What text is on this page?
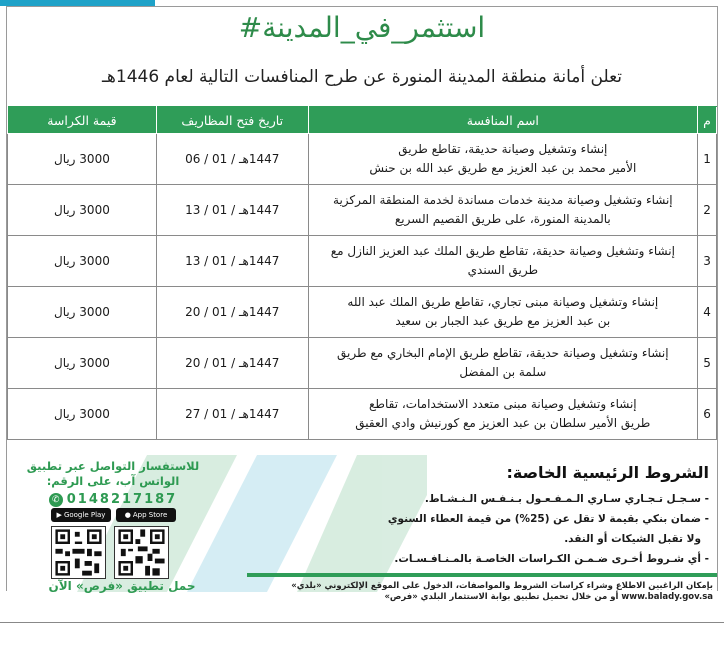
#استثمر_في_المدينة
تعلن أمانة منطقة المدينة المنورة عن طرح المنافسات التالية لعام 1446هـ
م	اسم المنافسة	تاريخ فتح المظاريف	قيمة الكراسة
1	إنشاء وتشغيل وصيانة حديقة، تقاطع طريق
الأمير محمد بن عبد العزيز مع طريق عبد الله بن حنش	1447هـ / 01 / 06	3000 ريال
2	إنشاء وتشغيل وصيانة مدينة خدمات مساندة لخدمة المنطقة المركزية
بالمدينة المنورة، على طريق القصيم السريع	1447هـ / 01 / 13	3000 ريال
3	إنشاء وتشغيل وصيانة حديقة، تقاطع طريق الملك عبد العزيز النازل مع
طريق السندي	1447هـ / 01 / 13	3000 ريال
4	إنشاء وتشغيل وصيانة مبنى تجاري، تقاطع طريق الملك عبد الله
بن عبد العزيز مع طريق عبد الجبار بن سعيد	1447هـ / 01 / 20	3000 ريال
5	إنشاء وتشغيل وصيانة حديقة، تقاطع طريق الإمام البخاري مع طريق
سلمة بن المفضل	1447هـ / 01 / 20	3000 ريال
6	إنشاء وتشغيل وصيانة مبنى متعدد الاستخدامات، تقاطع
طريق الأمير سلطان بن عبد العزيز مع كورنيش وادي العقيق	1447هـ / 01 / 27	3000 ريال
الشروط الرئيسية الخاصة:
- سـجـل تـجـاري سـاري الـمـفـعـول بـنـفـس الـنـشـاط.
- ضمان بنكي بقيمة لا تقل عن (25%) من قيمة العطاء السنوي
ولا تقبل الشيكات أو النقد.
- أي شـروط أخـرى ضـمـن الكـراسات الخاصـة بالمـنـافـسـات.
بإمكان الراغبين الاطلاع وشراء كراسات الشروط والمواصفات، الدخول على الموقع الإلكتروني «بلدي»
www.balady.gov.sa أو من خلال تحميل تطبيق بوابة الاستثمار البلدي «فرص»
للاستفسار التواصل عبر تطبيق
الواتس آب، على الرقم:
✆ 0148217187
▶ Google Play	● App Store
حمل تطبيق «فرص» الآن
